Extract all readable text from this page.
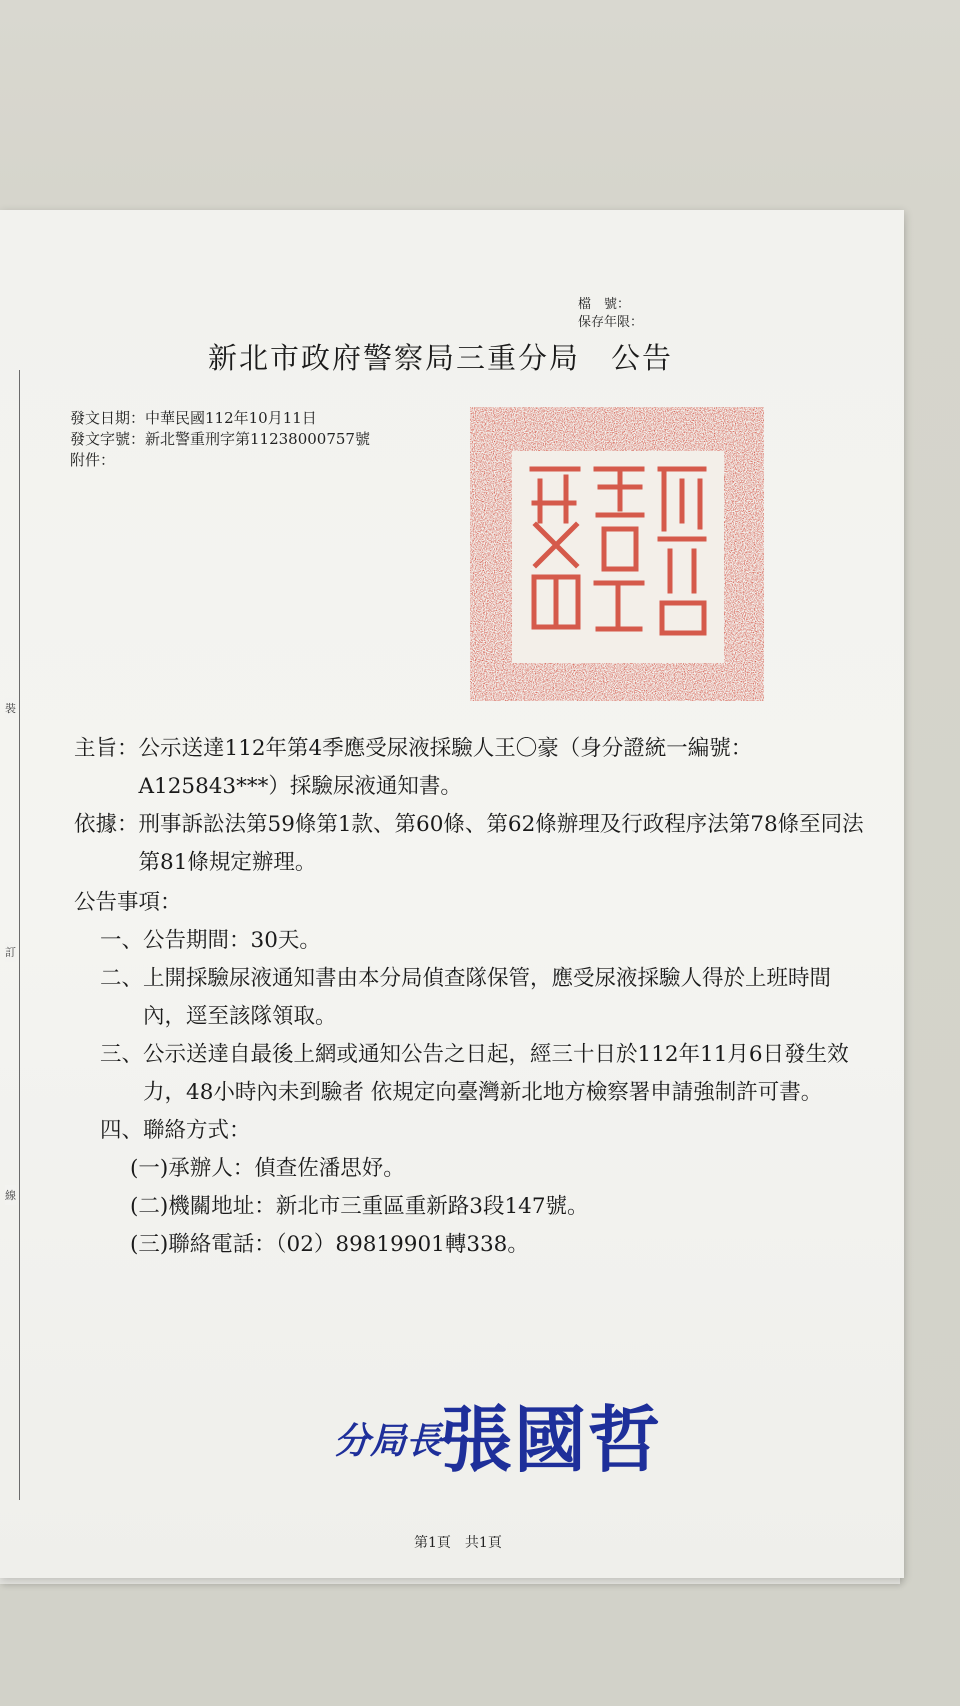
裝
訂
線
檔　號：
保存年限：
新北市政府警察局三重分局　公告
發文日期：中華民國112年10月11日
發文字號：新北警重刑字第11238000757號
附件：
主旨： 公示送達112年第4季應受尿液採驗人王〇豪（身分證統一編號：A125843***）採驗尿液通知書。
依據： 刑事訴訟法第59條第1款、第60條、第62條辦理及行政程序法第78條至同法第81條規定辦理。
公告事項：
一、 公告期間：30天。
二、 上開採驗尿液通知書由本分局偵查隊保管，應受尿液採驗人得於上班時間內，逕至該隊領取。
三、 公示送達自最後上網或通知公告之日起，經三十日於112年11月6日發生效力，48小時內未到驗者 依規定向臺灣新北地方檢察署申請強制許可書。
四、 聯絡方式：
(一) 承辦人：偵查佐潘思妤。
(二) 機關地址：新北市三重區重新路3段147號。
(三) 聯絡電話：（02）89819901轉338。
分局長
張國哲
第1頁　共1頁
